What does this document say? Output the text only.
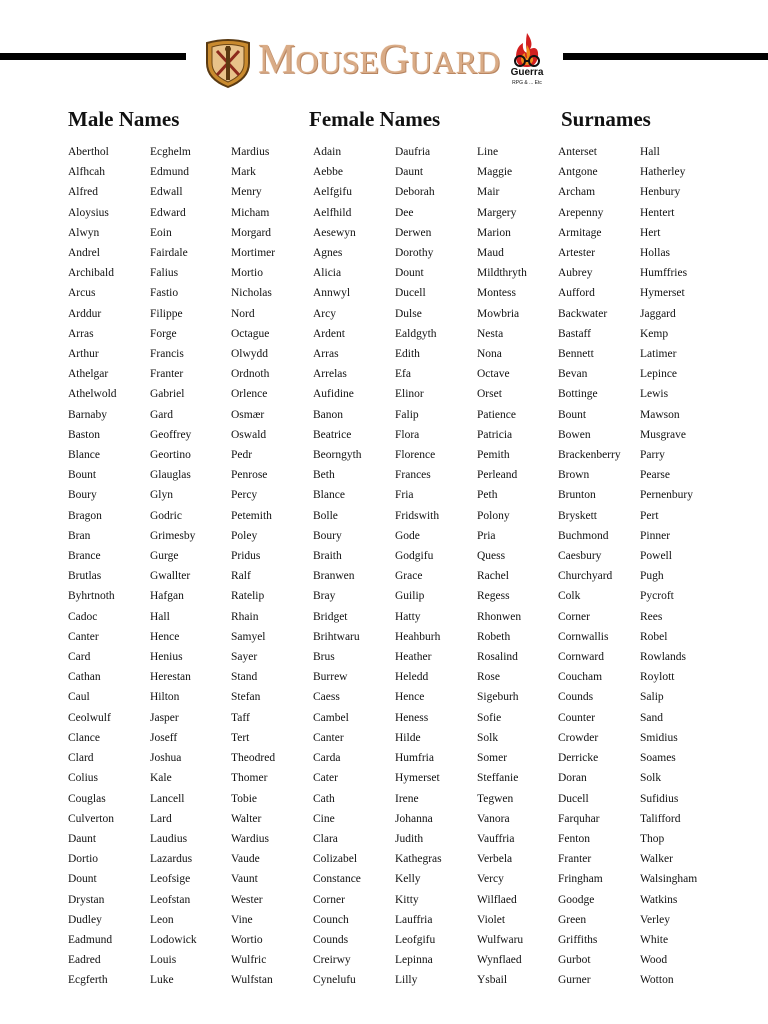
M OUSE G UARD	Guerra
RPG & ... Etc
Male Names	Female Names	Surnames
Aberthol
Alfhcah
Alfred
Aloysius
Alwyn
Andrel
Archibald
Arcus
Arddur
Arras
Arthur
Athelgar
Athelwold
Barnaby
Baston
Blance
Bount
Boury
Bragon
Bran
Brance
Brutlas
Byhrtnoth
Cadoc
Canter
Card
Cathan
Caul
Ceolwulf
Clance
Clard
Colius
Couglas
Culverton
Daunt
Dortio
Dount
Drystan
Dudley
Eadmund
Eadred
Ecgferth
Ecghelm
Edmund
Edwall
Edward
Eoin
Fairdale
Falius
Fastio
Filippe
Forge
Francis
Franter
Gabriel
Gard
Geoffrey
Geortino
Glauglas
Glyn
Godric
Grimesby
Gurge
Gwallter
Hafgan
Hall
Hence
Henius
Herestan
Hilton
Jasper
Joseff
Joshua
Kale
Lancell
Lard
Laudius
Lazardus
Leofsige
Leofstan
Leon
Lodowick
Louis
Luke
Mardius
Mark
Menry
Micham
Morgard
Mortimer
Mortio
Nicholas
Nord
Octague
Olwydd
Ordnoth
Orlence
Osmær
Oswald
Pedr
Penrose
Percy
Petemith
Poley
Pridus
Ralf
Ratelip
Rhain
Samyel
Sayer
Stand
Stefan
Taff
Tert
Theodred
Thomer
Tobie
Walter
Wardius
Vaude
Vaunt
Wester
Vine
Wortio
Wulfric
Wulfstan
Adain
Aebbe
Aelfgifu
Aelfhild
Aesewyn
Agnes
Alicia
Annwyl
Arcy
Ardent
Arras
Arrelas
Aufidine
Banon
Beatrice
Beorngyth
Beth
Blance
Bolle
Boury
Braith
Branwen
Bray
Bridget
Brihtwaru
Brus
Burrew
Caess
Cambel
Canter
Carda
Cater
Cath
Cine
Clara
Colizabel
Constance
Corner
Counch
Counds
Creirwy
Cynelufu
Daufria
Daunt
Deborah
Dee
Derwen
Dorothy
Dount
Ducell
Dulse
Ealdgyth
Edith
Efa
Elinor
Falip
Flora
Florence
Frances
Fria
Fridswith
Gode
Godgifu
Grace
Guilip
Hatty
Heahburh
Heather
Heledd
Hence
Heness
Hilde
Humfria
Hymerset
Irene
Johanna
Judith
Kathegras
Kelly
Kitty
Lauffria
Leofgifu
Lepinna
Lilly
Line
Maggie
Mair
Margery
Marion
Maud
Mildthryth
Montess
Mowbria
Nesta
Nona
Octave
Orset
Patience
Patricia
Pemith
Perleand
Peth
Polony
Pria
Quess
Rachel
Regess
Rhonwen
Robeth
Rosalind
Rose
Sigeburh
Sofie
Solk
Somer
Steffanie
Tegwen
Vanora
Vauffria
Verbela
Vercy
Wilflaed
Violet
Wulfwaru
Wynflaed
Ysbail
Anterset
Antgone
Archam
Arepenny
Armitage
Artester
Aubrey
Aufford
Backwater
Bastaff
Bennett
Bevan
Bottinge
Bount
Bowen
Brackenberry
Brown
Brunton
Bryskett
Buchmond
Caesbury
Churchyard
Colk
Corner
Cornwallis
Cornward
Coucham
Counds
Counter
Crowder
Derricke
Doran
Ducell
Farquhar
Fenton
Franter
Fringham
Goodge
Green
Griffiths
Gurbot
Gurner
Hall
Hatherley
Henbury
Hentert
Hert
Hollas
Humffries
Hymerset
Jaggard
Kemp
Latimer
Lepince
Lewis
Mawson
Musgrave
Parry
Pearse
Pernenbury
Pert
Pinner
Powell
Pugh
Pycroft
Rees
Robel
Rowlands
Roylott
Salip
Sand
Smidius
Soames
Solk
Sufidius
Talifford
Thop
Walker
Walsingham
Watkins
Verley
White
Wood
Wotton
